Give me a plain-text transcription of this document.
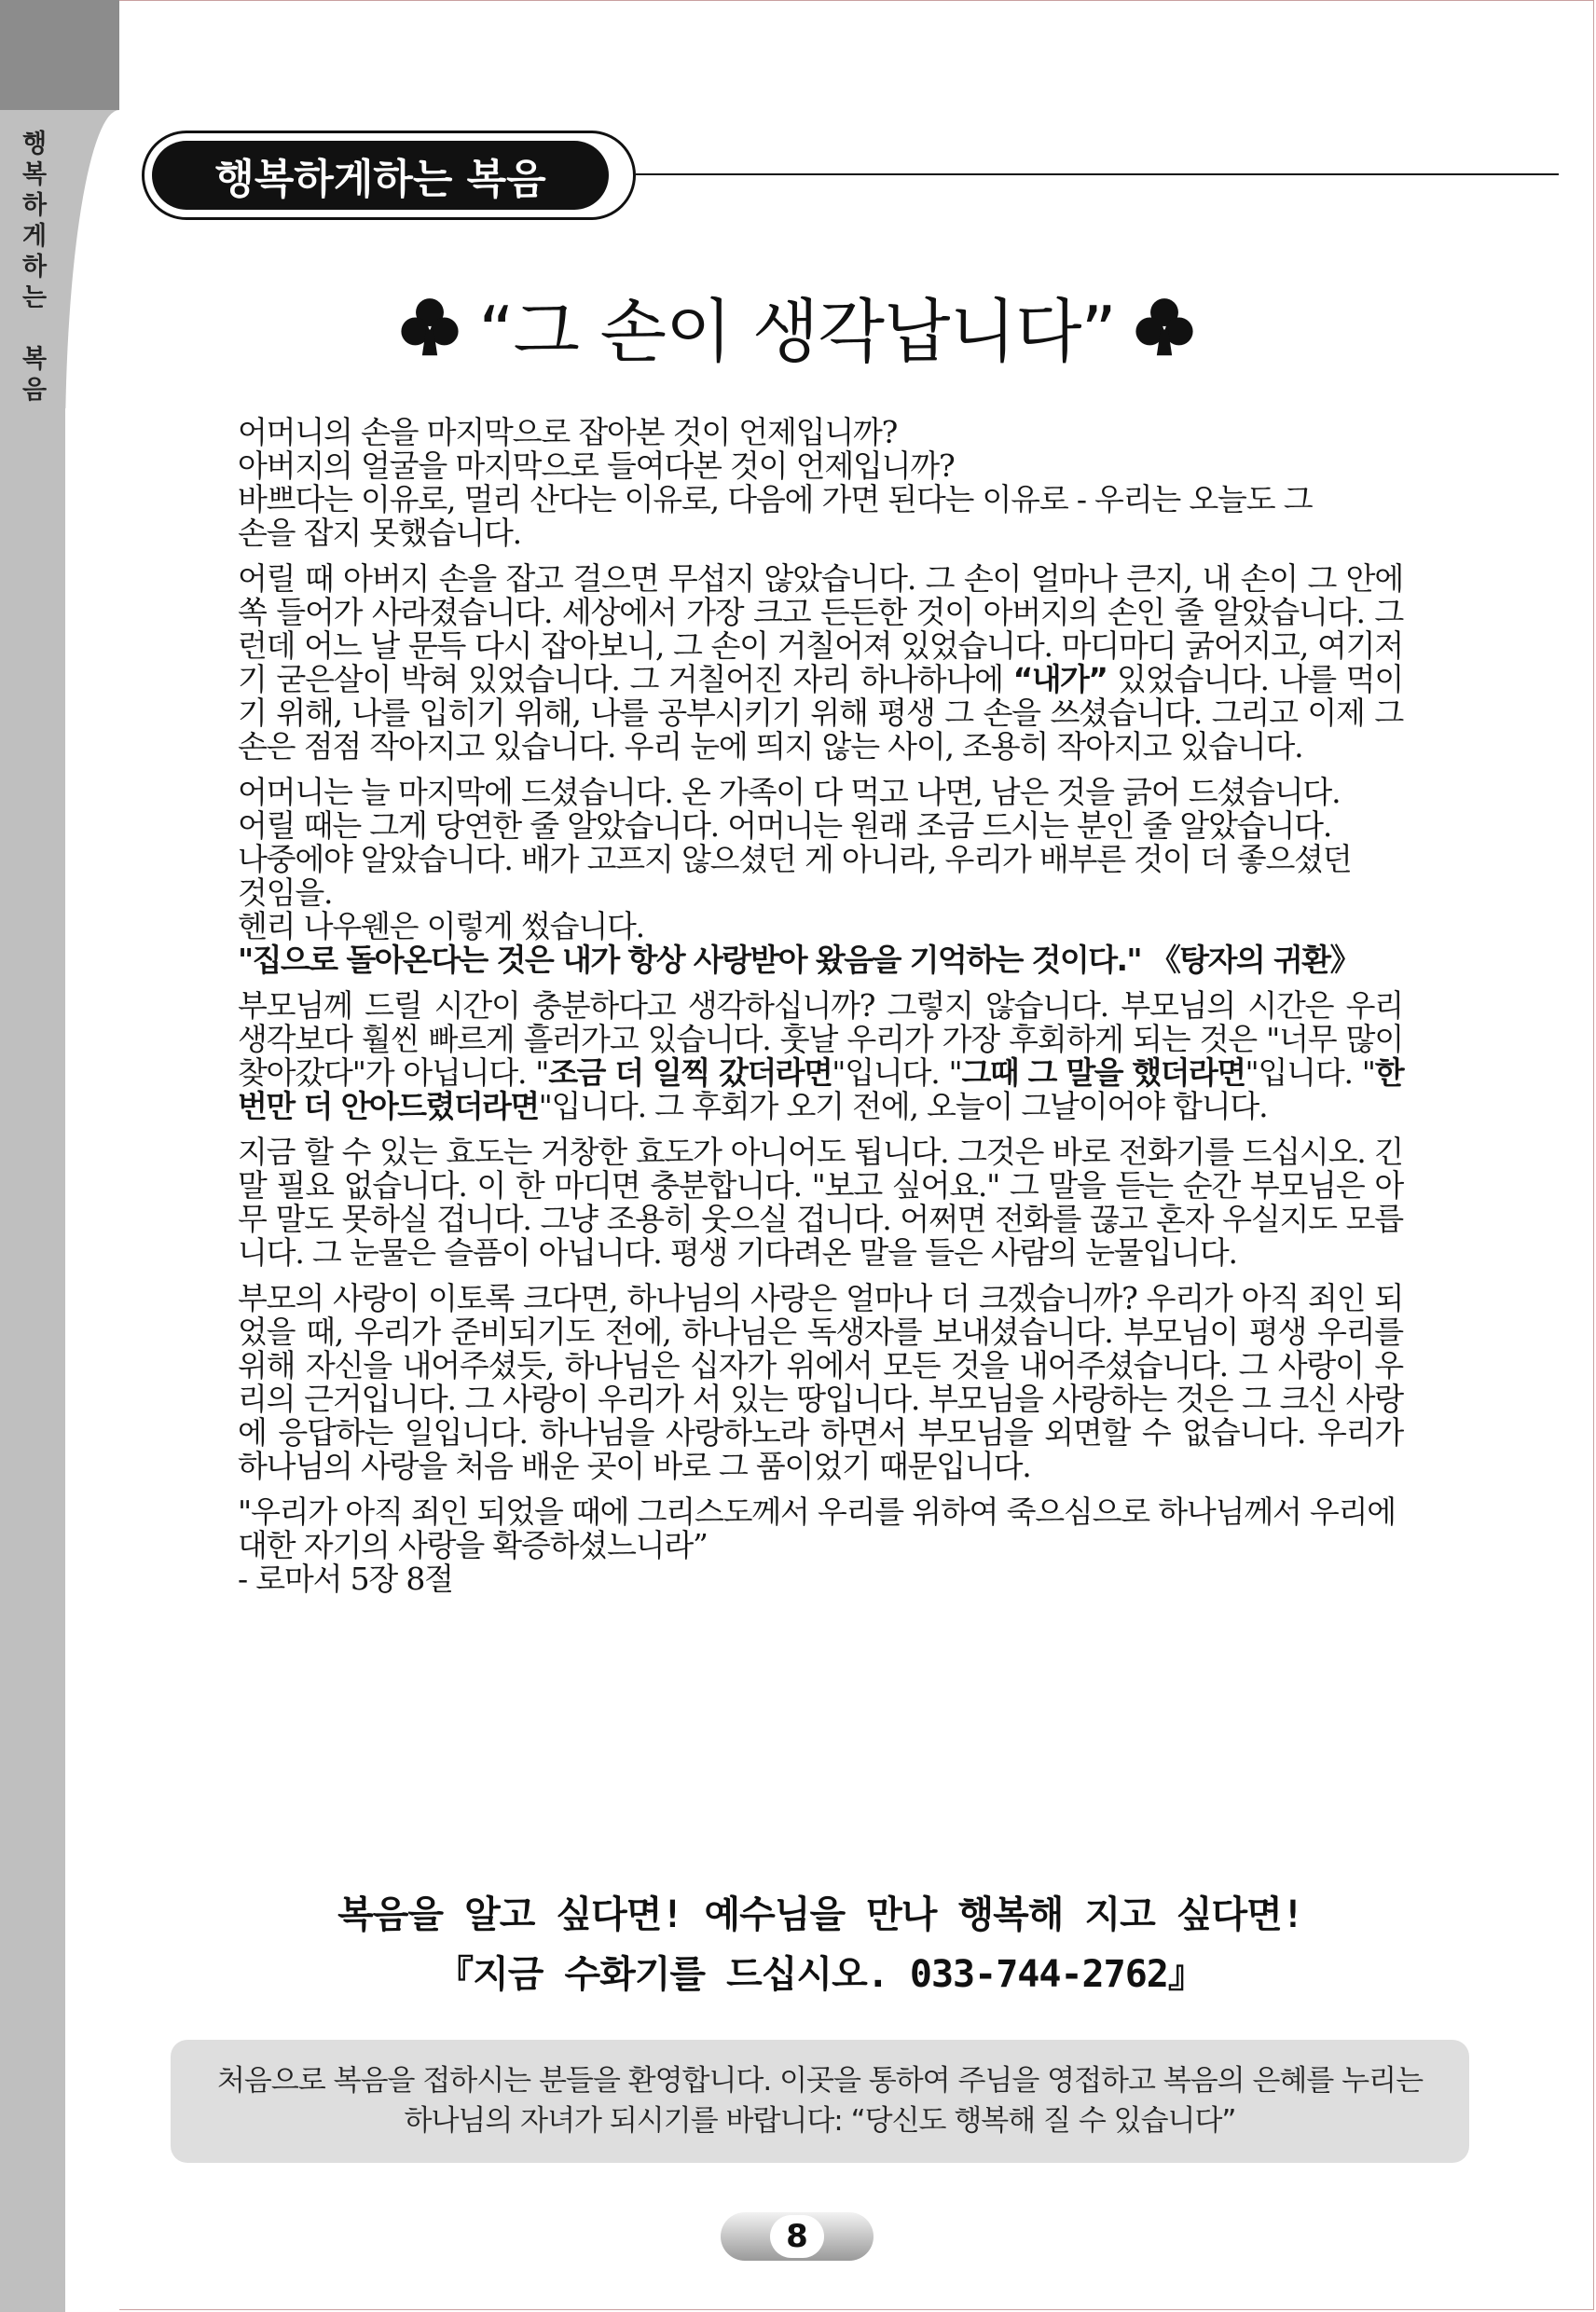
행
복
하
게
하
는

복
음
행복하게하는 복음
“그 손이 생각납니다”
어머니의 손을 마지막으로 잡아본 것이 언제입니까?
아버지의 얼굴을 마지막으로 들여다본 것이 언제입니까?
바쁘다는 이유로, 멀리 산다는 이유로, 다음에 가면 된다는 이유로 - 우리는 오늘도 그
손을 잡지 못했습니다.
어릴 때 아버지 손을 잡고 걸으면 무섭지 않았습니다. 그 손이 얼마나 큰지, 내 손이 그 안에 쏙 들어가 사라졌습니다. 세상에서 가장 크고 든든한 것이 아버지의 손인 줄 알았습니다. 그런데 어느 날 문득 다시 잡아보니, 그 손이 거칠어져 있었습니다. 마디마디 굵어지고, 여기저기 굳은살이 박혀 있었습니다. 그 거칠어진 자리 하나하나에 “내가” 있었습니다. 나를 먹이기 위해, 나를 입히기 위해, 나를 공부시키기 위해 평생 그 손을 쓰셨습니다. 그리고 이제 그 손은 점점 작아지고 있습니다. 우리 눈에 띄지 않는 사이, 조용히 작아지고 있습니다.
어머니는 늘 마지막에 드셨습니다. 온 가족이 다 먹고 나면, 남은 것을 긁어 드셨습니다.
어릴 때는 그게 당연한 줄 알았습니다. 어머니는 원래 조금 드시는 분인 줄 알았습니다.
나중에야 알았습니다. 배가 고프지 않으셨던 게 아니라, 우리가 배부른 것이 더 좋으셨던
것임을.
헨리 나우웬은 이렇게 썼습니다.
"집으로 돌아온다는 것은 내가 항상 사랑받아 왔음을 기억하는 것이다." 《탕자의 귀환》
부모님께 드릴 시간이 충분하다고 생각하십니까? 그렇지 않습니다. 부모님의 시간은 우리 생각보다 훨씬 빠르게 흘러가고 있습니다. 훗날 우리가 가장 후회하게 되는 것은 "너무 많이 찾아갔다"가 아닙니다. "조금 더 일찍 갔더라면"입니다. "그때 그 말을 했더라면"입니다. "한 번만 더 안아드렸더라면"입니다. 그 후회가 오기 전에, 오늘이 그날이어야 합니다.
지금 할 수 있는 효도는 거창한 효도가 아니어도 됩니다. 그것은 바로 전화기를 드십시오. 긴 말 필요 없습니다. 이 한 마디면 충분합니다. "보고 싶어요." 그 말을 듣는 순간 부모님은 아무 말도 못하실 겁니다. 그냥 조용히 웃으실 겁니다. 어쩌면 전화를 끊고 혼자 우실지도 모릅니다. 그 눈물은 슬픔이 아닙니다. 평생 기다려온 말을 들은 사람의 눈물입니다.
부모의 사랑이 이토록 크다면, 하나님의 사랑은 얼마나 더 크겠습니까? 우리가 아직 죄인 되었을 때, 우리가 준비되기도 전에, 하나님은 독생자를 보내셨습니다. 부모님이 평생 우리를 위해 자신을 내어주셨듯, 하나님은 십자가 위에서 모든 것을 내어주셨습니다. 그 사랑이 우리의 근거입니다. 그 사랑이 우리가 서 있는 땅입니다. 부모님을 사랑하는 것은 그 크신 사랑에 응답하는 일입니다. 하나님을 사랑하노라 하면서 부모님을 외면할 수 없습니다. 우리가 하나님의 사랑을 처음 배운 곳이 바로 그 품이었기 때문입니다.
"우리가 아직 죄인 되었을 때에 그리스도께서 우리를 위하여 죽으심으로 하나님께서 우리에 대한 자기의 사랑을 확증하셨느니라”
- 로마서 5장 8절
복음을 알고 싶다면! 예수님을 만나 행복해 지고 싶다면!
『지금 수화기를 드십시오. 033-744-2762』
처음으로 복음을 접하시는 분들을 환영합니다. 이곳을 통하여 주님을 영접하고 복음의 은혜를 누리는
하나님의 자녀가 되시기를 바랍니다: “당신도 행복해 질 수 있습니다”
8
